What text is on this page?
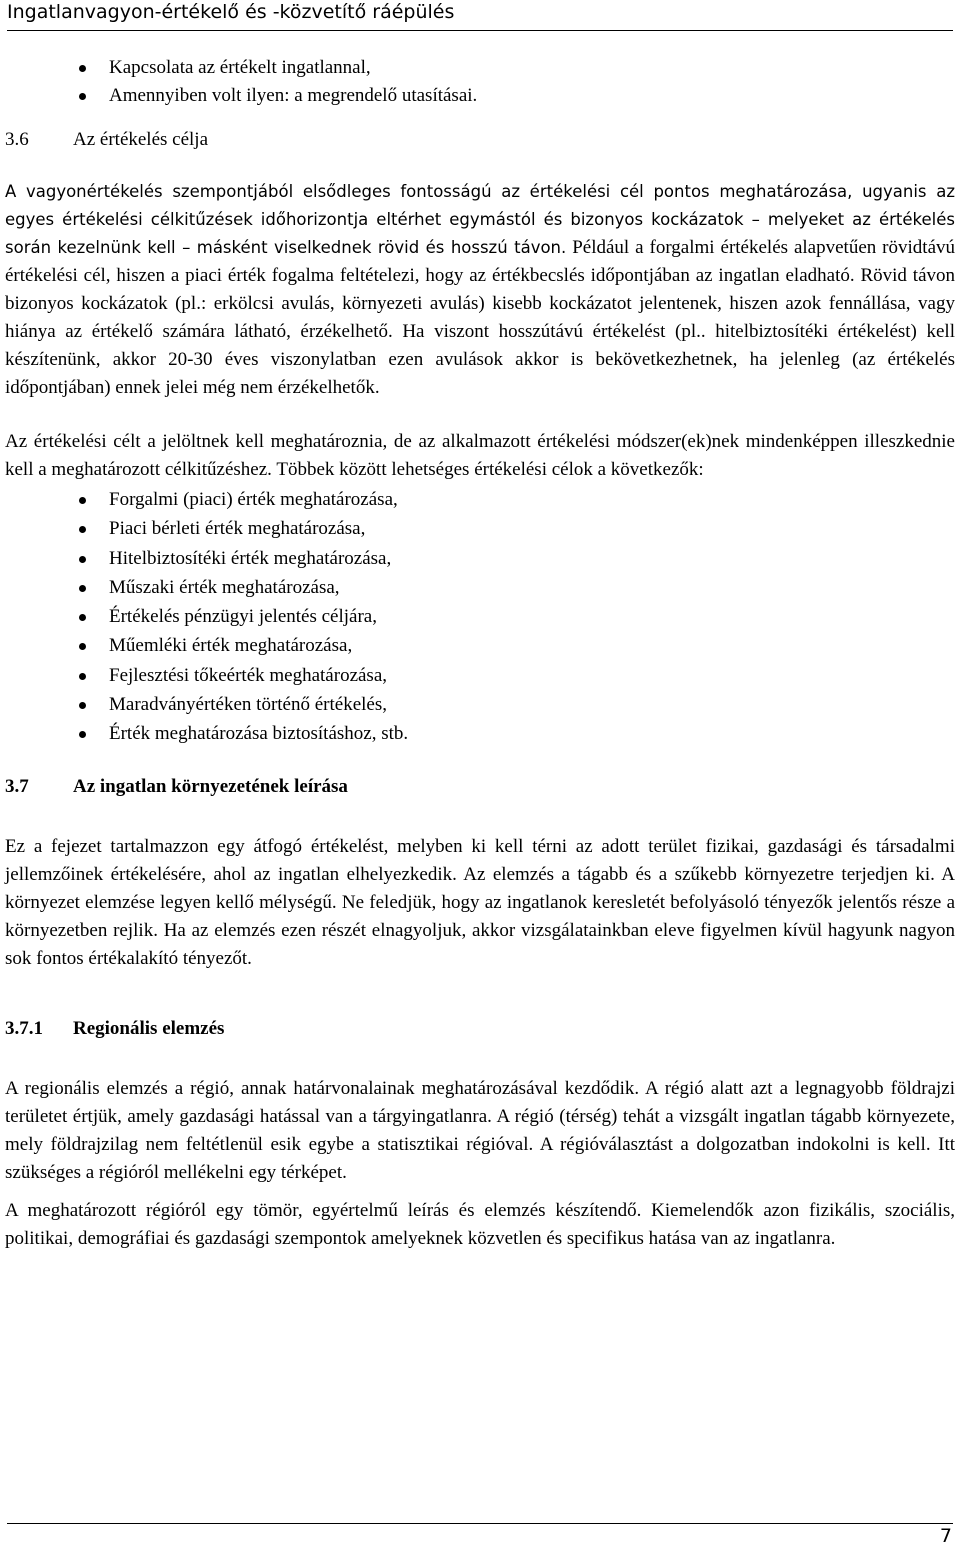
Ingatlanvagyon-értékelő és -közvetítő ráépülés
Kapcsolata az értékelt ingatlannal,
Amennyiben volt ilyen: a megrendelő utasításai.
3.6	Az értékelés célja

A vagyonértékelés szempontjából elsődleges fontosságú az értékelési cél pontos meghatározása, ugyanis az egyes értékelési célkitűzések időhorizontja eltérhet egymástól és bizonyos kockázatok – melyeket az értékelés során kezelnünk kell – másként viselkednek rövid és hosszú távon. Például a forgalmi értékelés alapvetűen rövidtávú értékelési cél, hiszen a piaci érték fogalma feltételezi, hogy az értékbecslés időpontjában az ingatlan eladható. Rövid távon bizonyos kockázatok (pl.: erkölcsi avulás, környezeti avulás) kisebb kockázatot jelentenek, hiszen azok fennállása, vagy hiánya az értékelő számára látható, érzékelhető. Ha viszont hosszútávú értékelést (pl.. hitelbiztosítéki értékelést) kell készítenünk, akkor 20-30 éves viszonylatban ezen avulások akkor is bekövetkezhetnek, ha jelenleg (az értékelés időpontjában) ennek jelei még nem érzékelhetők.

Az értékelési célt a jelöltnek kell meghatároznia, de az alkalmazott értékelési módszer(ek)nek mindenképpen illeszkednie kell a meghatározott célkitűzéshez. Többek között lehetséges értékelési célok a következők:

Forgalmi (piaci) érték meghatározása,
Piaci bérleti érték meghatározása,
Hitelbiztosítéki érték meghatározása,
Műszaki érték meghatározása,
Értékelés pénzügyi jelentés céljára,
Műemléki érték meghatározása,
Fejlesztési tőkeérték meghatározása,
Maradványértéken történő értékelés,
Érték meghatározása biztosításhoz, stb.
3.7	Az ingatlan környezetének leírása

Ez a fejezet tartalmazzon egy átfogó értékelést, melyben ki kell térni az adott terület fizikai, gazdasági és társadalmi jellemzőinek értékelésére, ahol az ingatlan elhelyezkedik. Az elemzés a tágabb és a szűkebb környezetre terjedjen ki. A környezet elemzése legyen kellő mélységű. Ne feledjük, hogy az ingatlanok keresletét befolyásoló tényezők jelentős része a környezetben rejlik. Ha az elemzés ezen részét elnagyoljuk, akkor vizsgálatainkban eleve figyelmen kívül hagyunk nagyon sok fontos értékalakító tényezőt.

3.7.1	Regionális elemzés

A regionális elemzés a régió, annak határvonalainak meghatározásával kezdődik. A régió alatt azt a legnagyobb földrajzi területet értjük, amely gazdasági hatással van a tárgyingatlanra. A régió (térség) tehát a vizsgált ingatlan tágabb környezete, mely földrajzilag nem feltétlenül esik egybe a statisztikai régióval. A régióválasztást a dolgozatban indokolni is kell. Itt szükséges a régióról mellékelni egy térképet.

A meghatározott régióról egy tömör, egyértelmű leírás és elemzés készítendő. Kiemelendők azon fizikális, szociális, politikai, demográfiai és gazdasági szempontok amelyeknek közvetlen és specifikus hatása van az ingatlanra.

7
